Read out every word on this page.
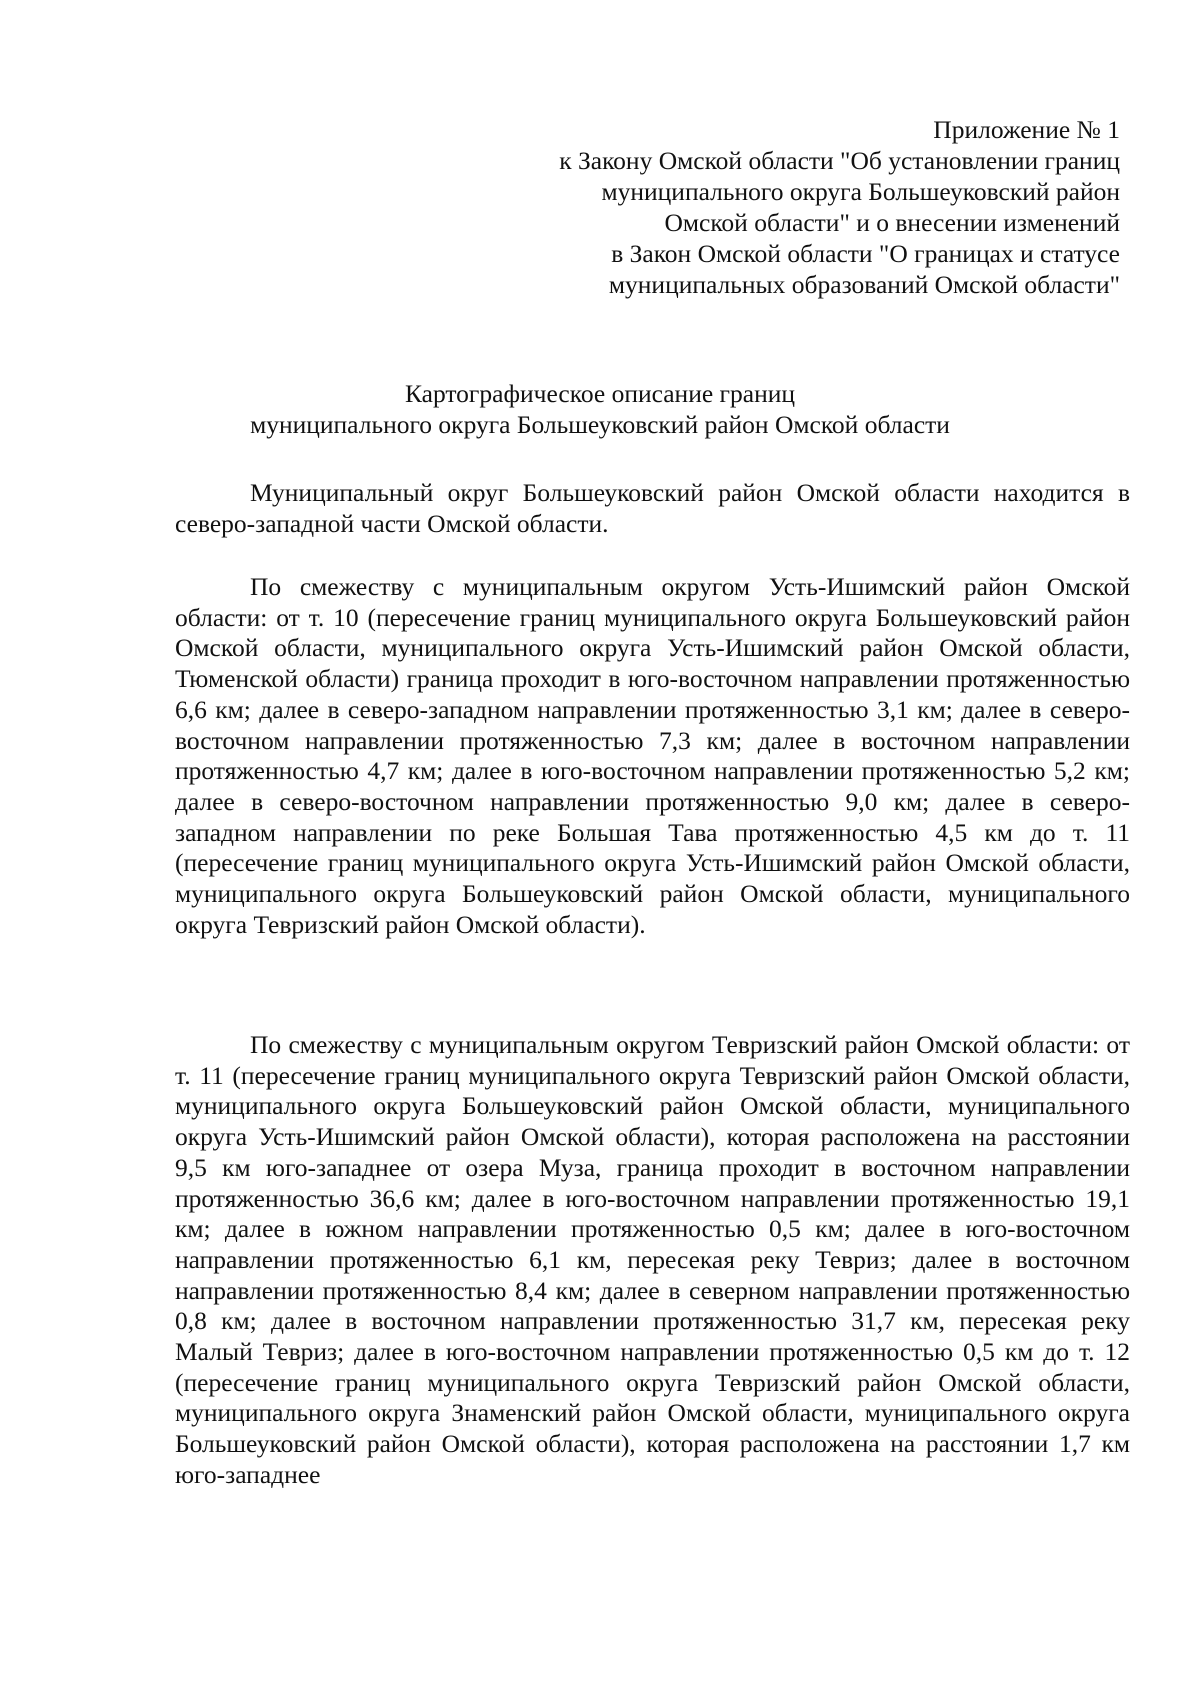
Приложение № 1
к Закону Омской области "Об установлении границ
муниципального округа Большеуковский район
Омской области" и о внесении изменений
в Закон Омской области "О границах и статусе
муниципальных образований Омской области"
Картографическое описание границ
муниципального округа Большеуковский район Омской области

Муниципальный округ Большеуковский район Омской области находится в северо-западной части Омской области.

По смежеству с муниципальным округом Усть-Ишимский район Омской области: от т. 10 (пересечение границ муниципального округа Большеуковский район Омской области, муниципального округа Усть-Ишимский район Омской области, Тюменской области) граница проходит в юго-восточном направлении протяженностью 6,6 км; далее в северо-западном направлении протяженностью 3,1 км; далее в северо-восточном направлении протяженностью 7,3 км; далее в восточном направлении протяженностью 4,7 км; далее в юго-восточном направлении протяженностью 5,2 км; далее в северо-восточном направлении протяженностью 9,0 км; далее в северо-западном направлении по реке Большая Тава протяженностью 4,5 км до т. 11 (пересечение границ муниципального округа Усть-Ишимский район Омской области, муниципального округа Большеуковский район Омской области, муниципального округа Тевризский район Омской области).

По смежеству с муниципальным округом Тевризский район Омской области: от т. 11 (пересечение границ муниципального округа Тевризский район Омской области, муниципального округа Большеуковский район Омской области, муниципального округа Усть-Ишимский район Омской области), которая расположена на расстоянии 9,5 км юго-западнее от озера Муза, граница проходит в восточном направлении протяженностью 36,6 км; далее в юго-восточном направлении протяженностью 19,1 км; далее в южном направлении протяженностью 0,5 км; далее в юго-восточном направлении протяженностью 6,1 км, пересекая реку Тевриз; далее в восточном направлении протяженностью 8,4 км; далее в северном направлении протяженностью 0,8 км; далее в восточном направлении протяженностью 31,7 км, пересекая реку Малый Тевриз; далее в юго-восточном направлении протяженностью 0,5 км до т. 12 (пересечение границ муниципального округа Тевризский район Омской области, муниципального округа Знаменский район Омской области, муниципального округа Большеуковский район Омской области), которая расположена на расстоянии 1,7 км юго-западнее
